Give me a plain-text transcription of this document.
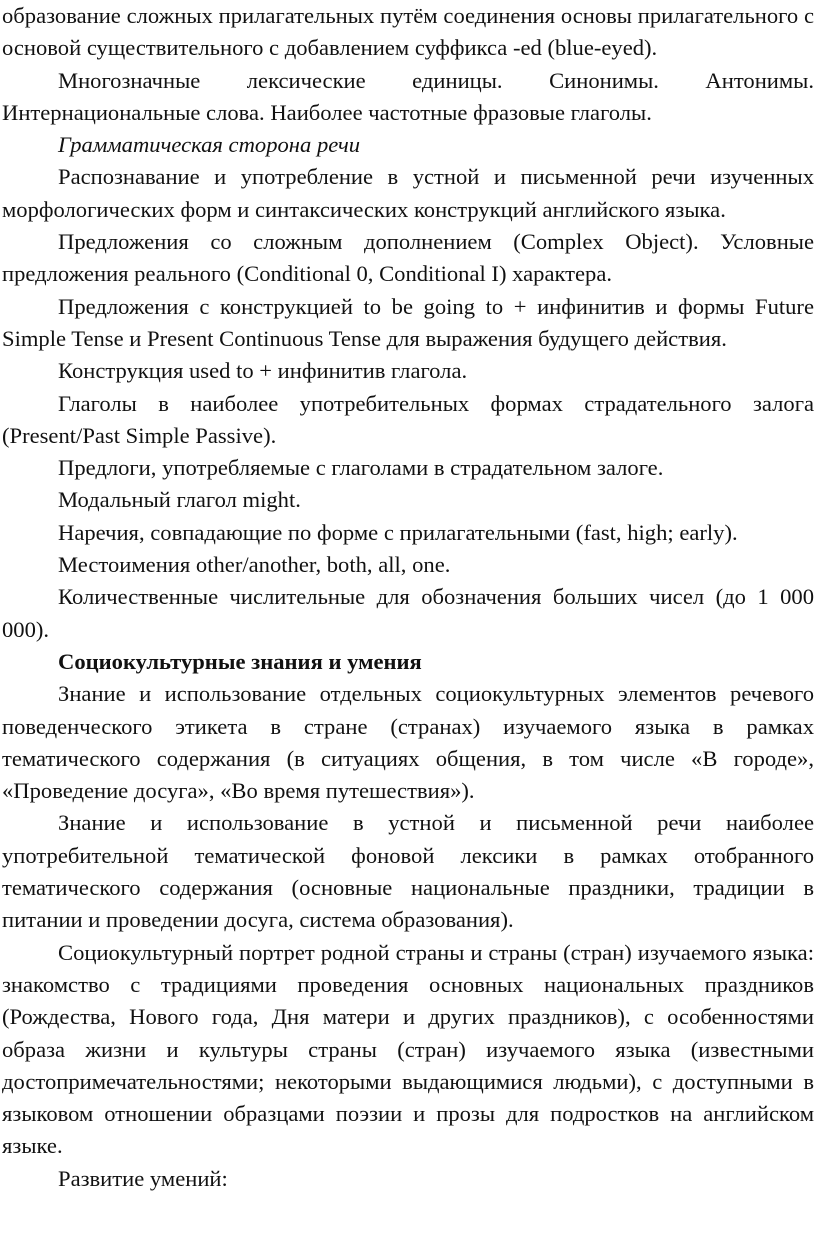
образование сложных прилагательных путём соединения основы прилагательного с основой существительного с добавлением суффикса -ed (blue-eyed).

Многозначные лексические единицы. Синонимы. Антонимы. Интернациональные слова. Наиболее частотные фразовые глаголы.

Грамматическая сторона речи

Распознавание и употребление в устной и письменной речи изученных морфологических форм и синтаксических конструкций английского языка.

Предложения со сложным дополнением (Complex Object). Условные предложения реального (Conditional 0, Conditional I) характера.

Предложения с конструкцией to be going to + инфинитив и формы Future Simple Tense и Present Continuous Tense для выражения будущего действия.

Конструкция used to + инфинитив глагола.

Глаголы в наиболее употребительных формах страдательного залога (Present/Past Simple Passive).

Предлоги, употребляемые с глаголами в страдательном залоге.

Модальный глагол might.

Наречия, совпадающие по форме с прилагательными (fast, high; early).

Местоимения other/another, both, all, one.

Количественные числительные для обозначения больших чисел (до 1 000 000).

Социокультурные знания и умения

Знание и использование отдельных социокультурных элементов речевого поведенческого этикета в стране (странах) изучаемого языка в рамках тематического содержания (в ситуациях общения, в том числе «В городе», «Проведение досуга», «Во время путешествия»).

Знание и использование в устной и письменной речи наиболее употребительной тематической фоновой лексики в рамках отобранного тематического содержания (основные национальные праздники, традиции в питании и проведении досуга, система образования).

Социокультурный портрет родной страны и страны (стран) изучаемого языка: знакомство с традициями проведения основных национальных праздников (Рождества, Нового года, Дня матери и других праздников), с особенностями образа жизни и культуры страны (стран) изучаемого языка (известными достопримечательностями; некоторыми выдающимися людьми), с доступными в языковом отношении образцами поэзии и прозы для подростков на английском языке.

Развитие умений:
